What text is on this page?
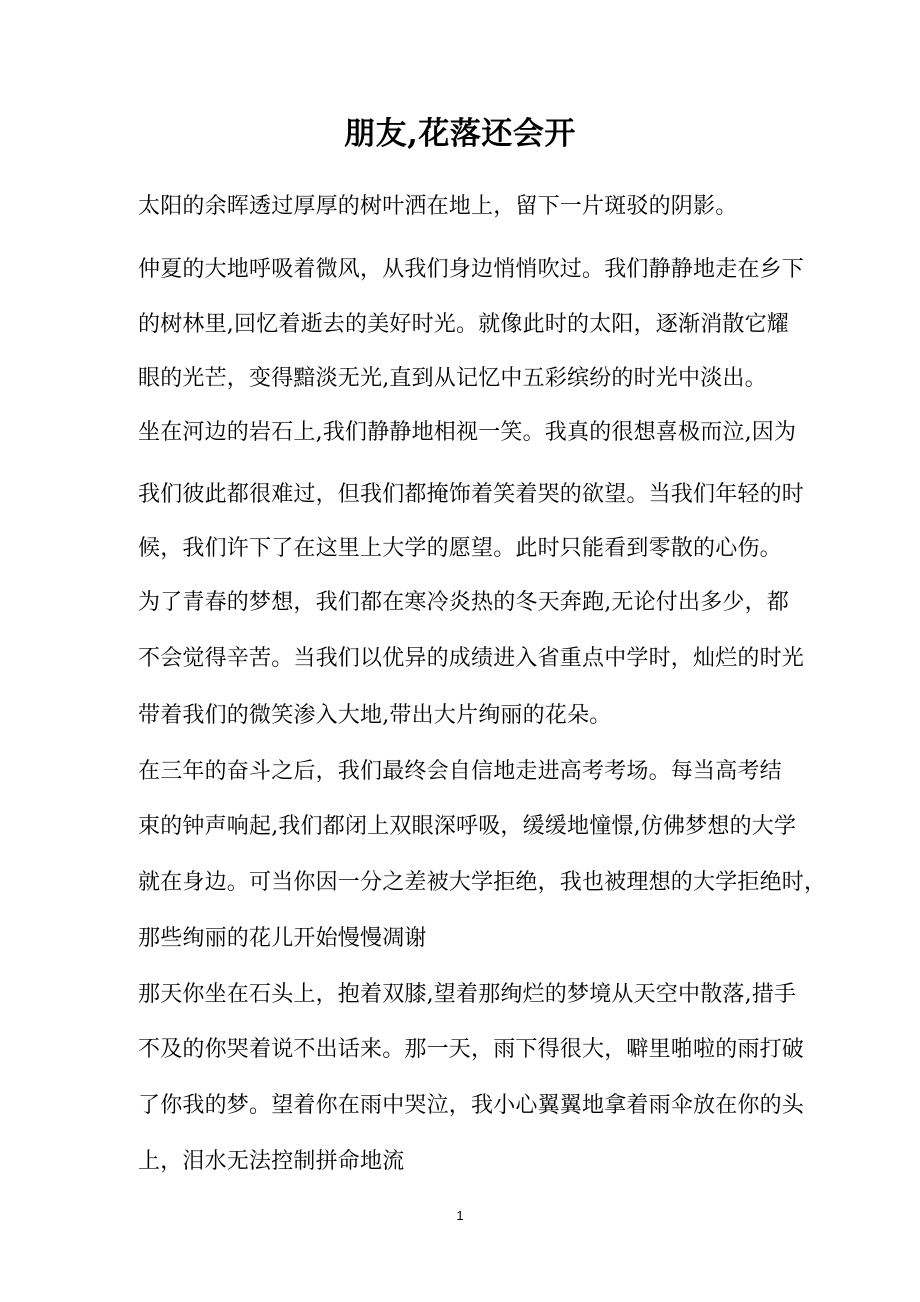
朋友,花落还会开
太阳的余晖透过厚厚的树叶洒在地上，留下一片斑驳的阴影。
仲夏的大地呼吸着微风，从我们身边悄悄吹过。我们静静地走在乡下
的树林里,回忆着逝去的美好时光。就像此时的太阳，逐渐消散它耀
眼的光芒，变得黯淡无光,直到从记忆中五彩缤纷的时光中淡出。
坐在河边的岩石上,我们静静地相视一笑。我真的很想喜极而泣,因为
我们彼此都很难过，但我们都掩饰着笑着哭的欲望。当我们年轻的时
候，我们许下了在这里上大学的愿望。此时只能看到零散的心伤。
为了青春的梦想，我们都在寒冷炎热的冬天奔跑,无论付出多少，都
不会觉得辛苦。当我们以优异的成绩进入省重点中学时，灿烂的时光
带着我们的微笑渗入大地,带出大片绚丽的花朵。
在三年的奋斗之后，我们最终会自信地走进高考考场。每当高考结
束的钟声响起,我们都闭上双眼深呼吸，缓缓地憧憬,仿佛梦想的大学
就在身边。可当你因一分之差被大学拒绝，我也被理想的大学拒绝时，
那些绚丽的花儿开始慢慢凋谢
那天你坐在石头上，抱着双膝,望着那绚烂的梦境从天空中散落,措手
不及的你哭着说不出话来。那一天，雨下得很大，噼里啪啦的雨打破
了你我的梦。望着你在雨中哭泣，我小心翼翼地拿着雨伞放在你的头
上，泪水无法控制拼命地流
1
